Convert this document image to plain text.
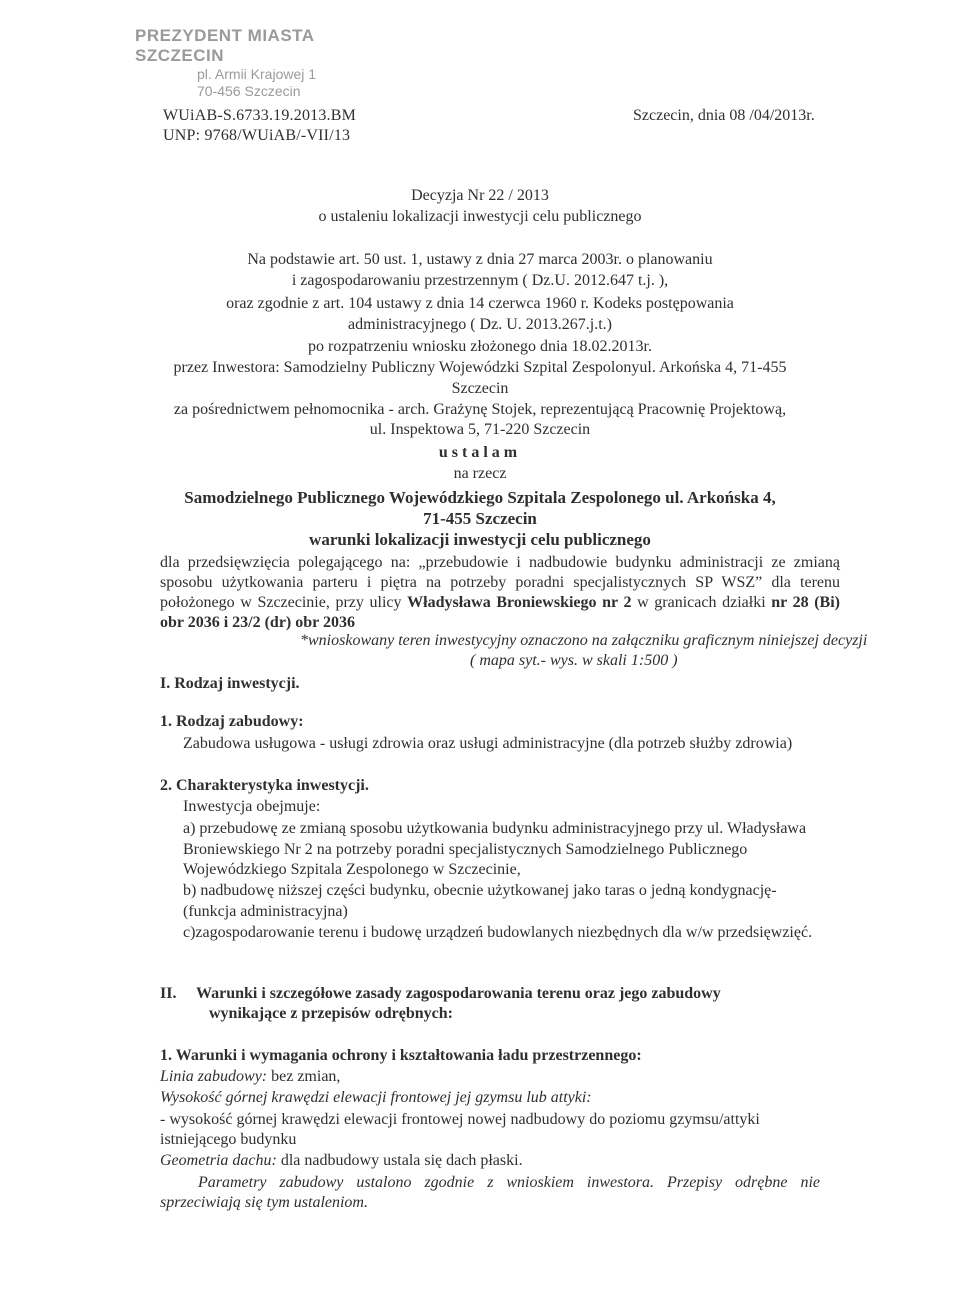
PREZYDENT MIASTA SZCZECIN
pl. Armii Krajowej 1
70-456 Szczecin
WUiAB-S.6733.19.2013.BM
UNP: 9768/WUiAB/-VII/13
Szczecin, dnia 08 /04/2013r.
Decyzja Nr 22 / 2013
o ustaleniu lokalizacji inwestycji celu publicznego
Na podstawie art. 50 ust. 1, ustawy z dnia 27 marca 2003r. o planowaniu
i zagospodarowaniu przestrzennym ( Dz.U. 2012.647 t.j. ),
oraz zgodnie z art. 104 ustawy z dnia 14 czerwca 1960 r. Kodeks postępowania
administracyjnego ( Dz. U. 2013.267.j.t.)
po rozpatrzeniu wniosku złożonego dnia 18.02.2013r.
przez Inwestora: Samodzielny Publiczny Wojewódzki Szpital Zespolonyul. Arkońska 4, 71-455
Szczecin
za pośrednictwem pełnomocnika - arch. Grażynę Stojek, reprezentującą Pracownię Projektową,
ul. Inspektowa 5, 71-220 Szczecin
ustalam
na rzecz
Samodzielnego Publicznego Wojewódzkiego Szpitala Zespolonego ul. Arkońska 4,
71-455 Szczecin
warunki lokalizacji inwestycji celu publicznego
dla przedsięwzięcia polegającego na: „przebudowie i nadbudowie budynku administracji ze zmianą sposobu użytkowania parteru i piętra na potrzeby poradni specjalistycznych SP WSZ” dla terenu położonego w Szczecinie, przy ulicy Władysława Broniewskiego nr 2 w granicach działki nr 28 (Bi) obr 2036 i 23/2 (dr) obr 2036
*wnioskowany teren inwestycyjny oznaczono na załączniku graficznym niniejszej decyzji
( mapa syt.- wys. w skali 1:500 )
I. Rodzaj inwestycji.
1. Rodzaj zabudowy:
Zabudowa usługowa - usługi zdrowia oraz usługi administracyjne (dla potrzeb służby zdrowia)
2. Charakterystyka inwestycji.
Inwestycja obejmuje:
a) przebudowę ze zmianą sposobu użytkowania budynku administracyjnego przy ul. Władysława Broniewskiego Nr 2 na potrzeby poradni specjalistycznych Samodzielnego Publicznego Wojewódzkiego Szpitala Zespolonego w Szczecinie,
b) nadbudowę niższej części budynku, obecnie użytkowanej jako taras o jedną kondygnację- (funkcja administracyjna)
c)zagospodarowanie terenu i budowę urządzeń budowlanych niezbędnych dla w/w przedsięwzięć.
II. Warunki i szczegółowe zasady zagospodarowania terenu oraz jego zabudowy
wynikające z przepisów odrębnych:
1. Warunki i wymagania ochrony i kształtowania ładu przestrzennego:
Linia zabudowy: bez zmian,
Wysokość górnej krawędzi elewacji frontowej jej gzymsu lub attyki:
- wysokość górnej krawędzi elewacji frontowej nowej nadbudowy do poziomu gzymsu/attyki istniejącego budynku
Geometria dachu: dla nadbudowy ustala się dach płaski.
Parametry zabudowy ustalono zgodnie z wnioskiem inwestora. Przepisy odrębne nie sprzeciwiają się tym ustaleniom.
